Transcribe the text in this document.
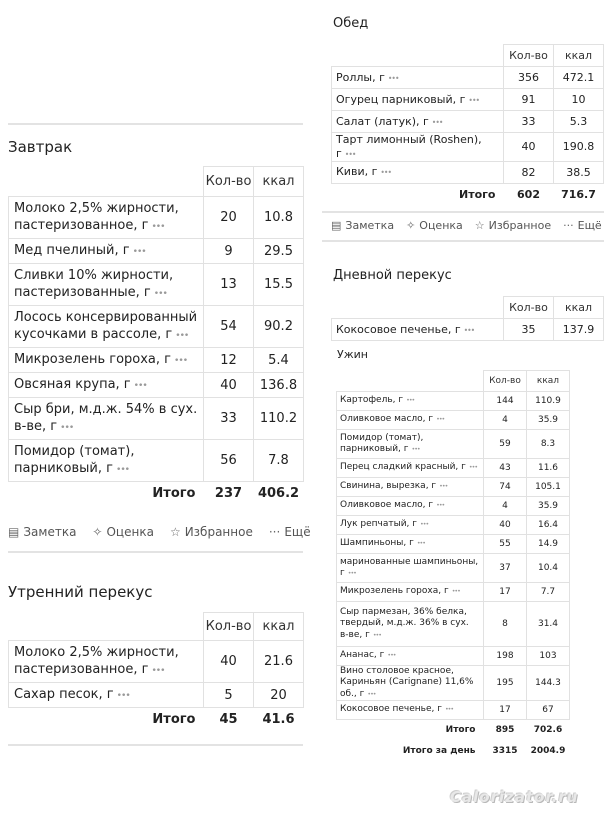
Завтрак
	Кол-во	ккал
Молоко 2,5% жирности, пастеризованное, г •••	20	10.8
Мед пчелиный, г •••	9	29.5
Сливки 10% жирности, пастеризованные, г •••	13	15.5
Лосось консервированный кусочками в рассоле, г •••	54	90.2
Микрозелень гороха, г •••	12	5.4
Овсяная крупа, г •••	40	136.8
Сыр бри, м.д.ж. 54% в сух. в-ве, г •••	33	110.2
Помидор (томат), парниковый, г •••	56	7.8
Итого	237	406.2
▤ Заметка ✧ Оценка ☆ Избранное ··· Ещё
Утренний перекус
	Кол-во	ккал
Молоко 2,5% жирности, пастеризованное, г •••	40	21.6
Сахар песок, г •••	5	20
Итого	45	41.6
Обед
	Кол-во	ккал
Роллы, г •••	356	472.1
Огурец парниковый, г •••	91	10
Салат (латук), г •••	33	5.3
Тарт лимонный (Roshen), г •••	40	190.8
Киви, г •••	82	38.5
Итого	602	716.7
▤ Заметка ✧ Оценка ☆ Избранное ··· Ещё
Дневной перекус
	Кол-во	ккал
Кокосовое печенье, г •••	35	137.9
Ужин
	Кол-во	ккал
Картофель, г •••	144	110.9
Оливковое масло, г •••	4	35.9
Помидор (томат), парниковый, г •••	59	8.3
Перец сладкий красный, г •••	43	11.6
Свинина, вырезка, г •••	74	105.1
Оливковое масло, г •••	4	35.9
Лук репчатый, г •••	40	16.4
Шампиньоны, г •••	55	14.9
маринованные шампиньоны, г •••	37	10.4
Микрозелень гороха, г •••	17	7.7
Сыр пармезан, 36% белка, твердый, м.д.ж. 36% в сух. в-ве, г •••	8	31.4
Ананас, г •••	198	103
Вино столовое красное, Кариньян (Carignane) 11,6% об., г •••	195	144.3
Кокосовое печенье, г •••	17	67
Итого	895	702.6
Итого за день	3315	2004.9
Calorizator.ru
